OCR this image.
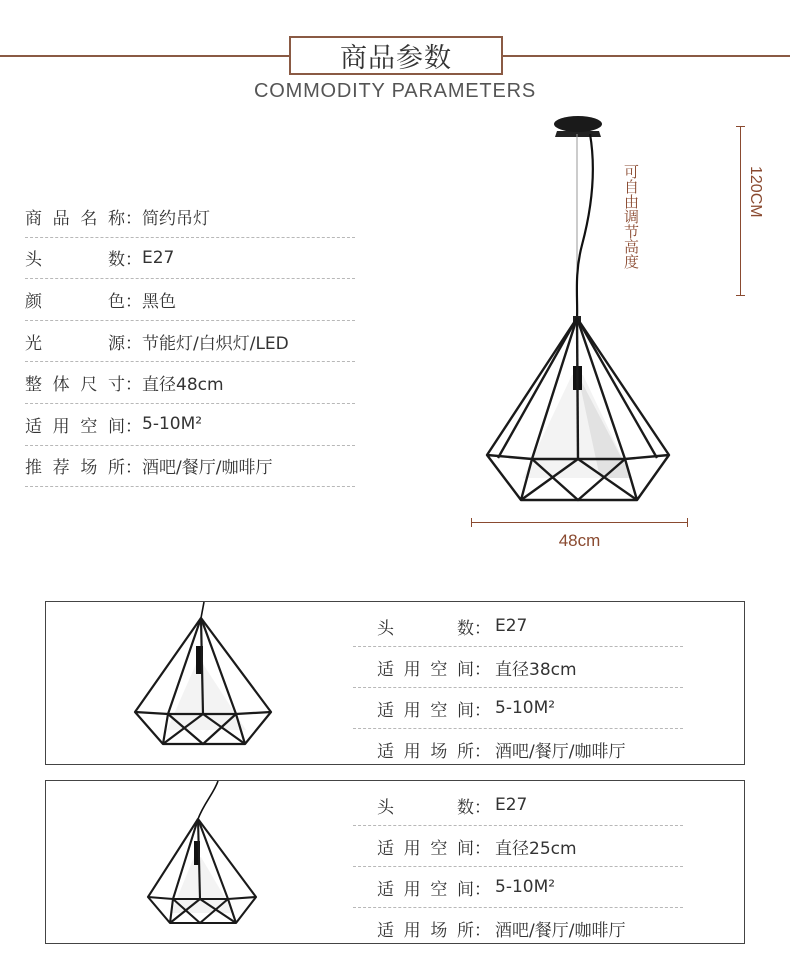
商品参数
COMMODITY PARAMETERS
商品名称 ： 简约吊灯
头数 ： E27
颜色 ： 黑色
光源 ： 节能灯/白炽灯/LED
整体尺寸 ： 直径48cm
适用空间 ： 5-10M²
推荐场所 ： 酒吧/餐厅/咖啡厅
可自由调节高度	120CM
48cm
头数 ： E27
适用空间 ： 直径38cm
适用空间 ： 5-10M²
适用场所 ： 酒吧/餐厅/咖啡厅
头数 ： E27
适用空间 ： 直径25cm
适用空间 ： 5-10M²
适用场所 ： 酒吧/餐厅/咖啡厅
